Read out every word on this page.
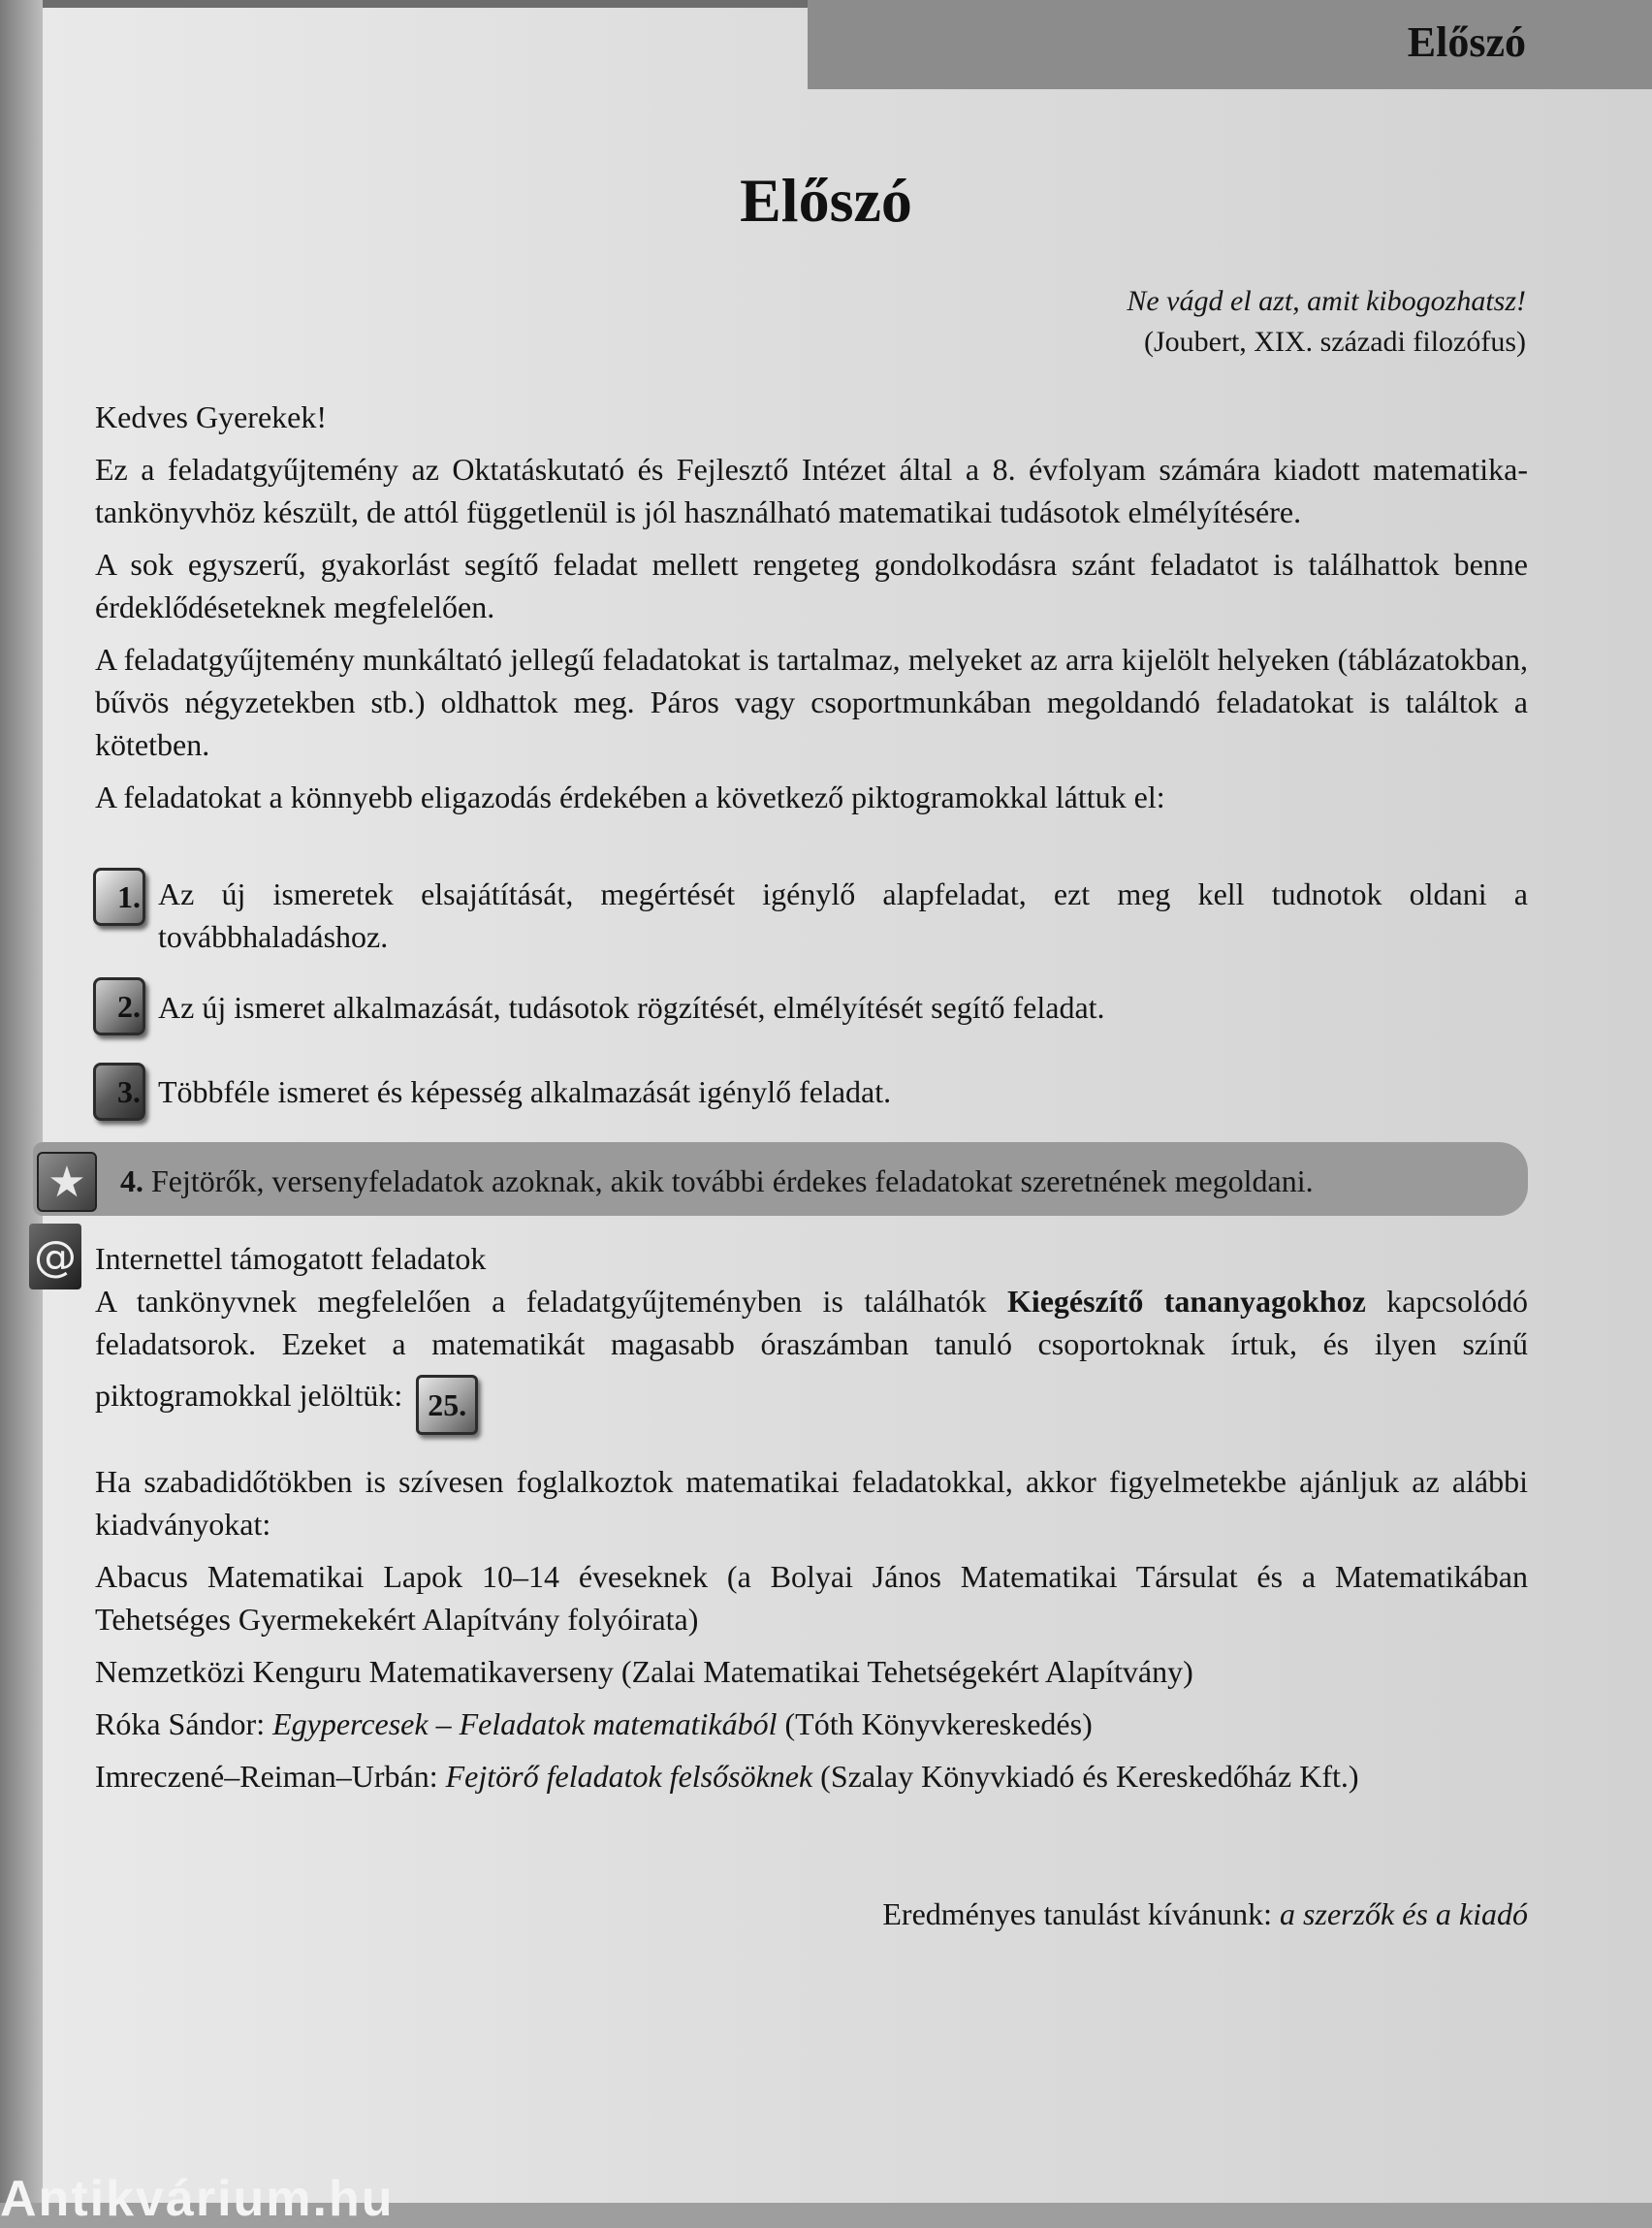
Előszó
Előszó
Ne vágd el azt, amit kibogozhatsz!
(Joubert, XIX. századi filozófus)

Kedves Gyerekek!

Ez a feladatgyűjtemény az Oktatáskutató és Fejlesztő Intézet által a 8. évfolyam számára kiadott matematika-tankönyvhöz készült, de attól függetlenül is jól használható matematikai tudásotok elmélyítésére.

A sok egyszerű, gyakorlást segítő feladat mellett rengeteg gondolkodásra szánt feladatot is találhattok benne érdeklődéseteknek megfelelően.

A feladatgyűjtemény munkáltató jellegű feladatokat is tartalmaz, melyeket az arra kijelölt helyeken (táblázatokban, bűvös négyzetekben stb.) oldhattok meg. Páros vagy csoportmunkában megoldandó feladatokat is találtok a kötetben.

A feladatokat a könnyebb eligazodás érdekében a következő piktogramokkal láttuk el:

1. Az új ismeretek elsajátítását, megértését igénylő alapfeladat, ezt meg kell tudnotok oldani a továbbhaladáshoz.

2. Az új ismeret alkalmazását, tudásotok rögzítését, elmélyítését segítő feladat.

3. Többféle ismeret és képesség alkalmazását igénylő feladat.

★	4. Fejtörők, versenyfeladatok azoknak, akik további érdekes feladatokat szeretnének megoldani.
@ Internettel támogatott feladatok

A tankönyvnek megfelelően a feladatgyűjteményben is találhatók Kiegészítő tananyagokhoz kapcsolódó feladatsorok. Ezeket a matematikát magasabb óraszámban tanuló csoportoknak írtuk, és ilyen színű piktogramokkal jelöltük: 25.

Ha szabadidőtökben is szívesen foglalkoztok matematikai feladatokkal, akkor figyelmetekbe ajánljuk az alábbi kiadványokat:

Abacus Matematikai Lapok 10–14 éveseknek (a Bolyai János Matematikai Társulat és a Matematikában Tehetséges Gyermekekért Alapítvány folyóirata)

Nemzetközi Kenguru Matematikaverseny (Zalai Matematikai Tehetségekért Alapítvány)

Róka Sándor: Egypercesek – Feladatok matematikából (Tóth Könyvkereskedés)

Imreczené–Reiman–Urbán: Fejtörő feladatok felsősöknek (Szalay Könyvkiadó és Kereskedőház Kft.)

Eredményes tanulást kívánunk: a szerzők és a kiadó
Antikvárium.hu
